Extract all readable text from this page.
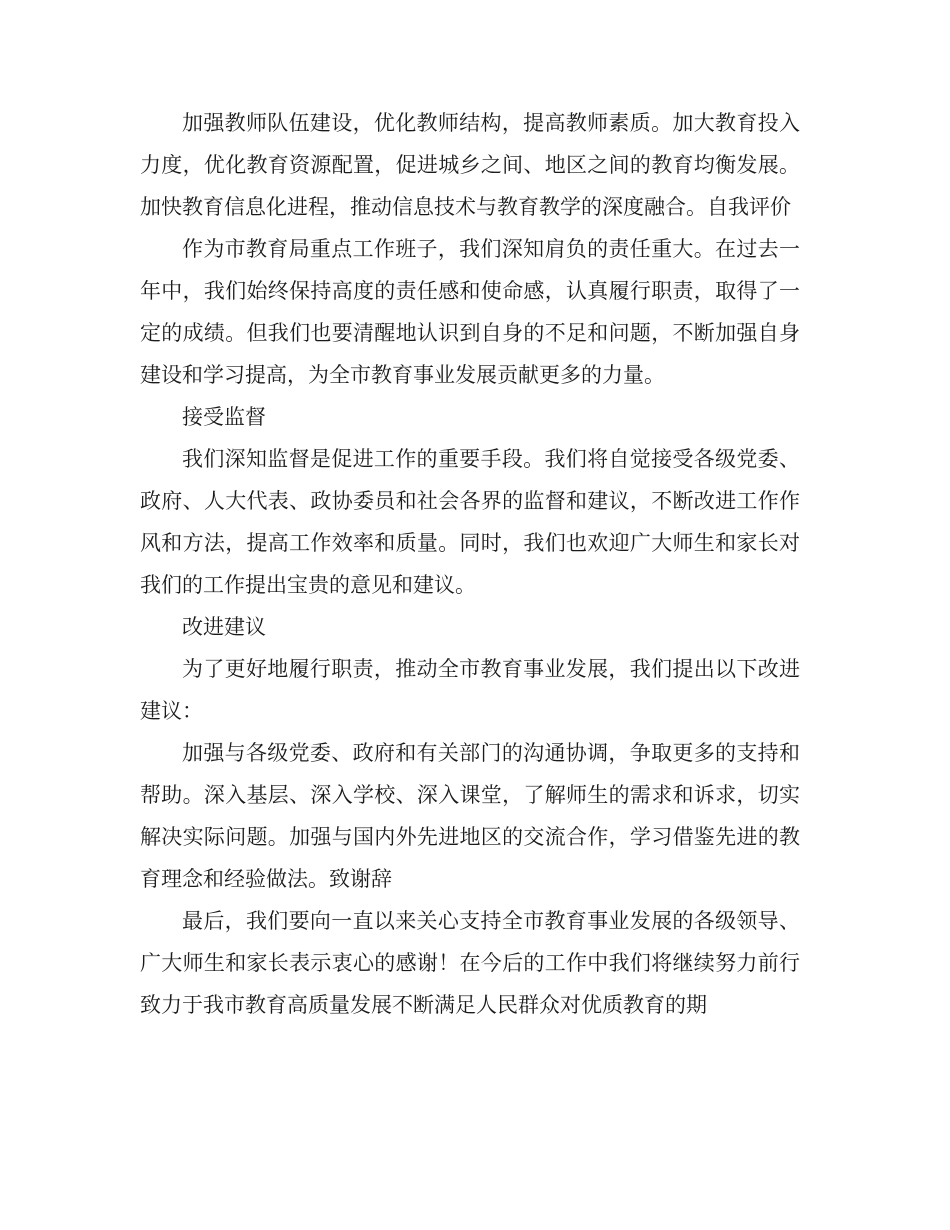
加强教师队伍建设，优化教师结构，提高教师素质。加大教育投入力度，优化教育资源配置，促进城乡之间、地区之间的教育均衡发展。加快教育信息化进程，推动信息技术与教育教学的深度融合。自我评价

作为市教育局重点工作班子，我们深知肩负的责任重大。在过去一年中，我们始终保持高度的责任感和使命感，认真履行职责，取得了一定的成绩。但我们也要清醒地认识到自身的不足和问题，不断加强自身建设和学习提高，为全市教育事业发展贡献更多的力量。

接受监督

我们深知监督是促进工作的重要手段。我们将自觉接受各级党委、政府、人大代表、政协委员和社会各界的监督和建议，不断改进工作作风和方法，提高工作效率和质量。同时，我们也欢迎广大师生和家长对我们的工作提出宝贵的意见和建议。

改进建议

为了更好地履行职责，推动全市教育事业发展，我们提出以下改进建议：

加强与各级党委、政府和有关部门的沟通协调，争取更多的支持和帮助。深入基层、深入学校、深入课堂，了解师生的需求和诉求，切实解决实际问题。加强与国内外先进地区的交流合作，学习借鉴先进的教育理念和经验做法。致谢辞

最后，我们要向一直以来关心支持全市教育事业发展的各级领导、广大师生和家长表示衷心的感谢！在今后的工作中我们将继续努力前行致力于我市教育高质量发展不断满足人民群众对优质教育的期
